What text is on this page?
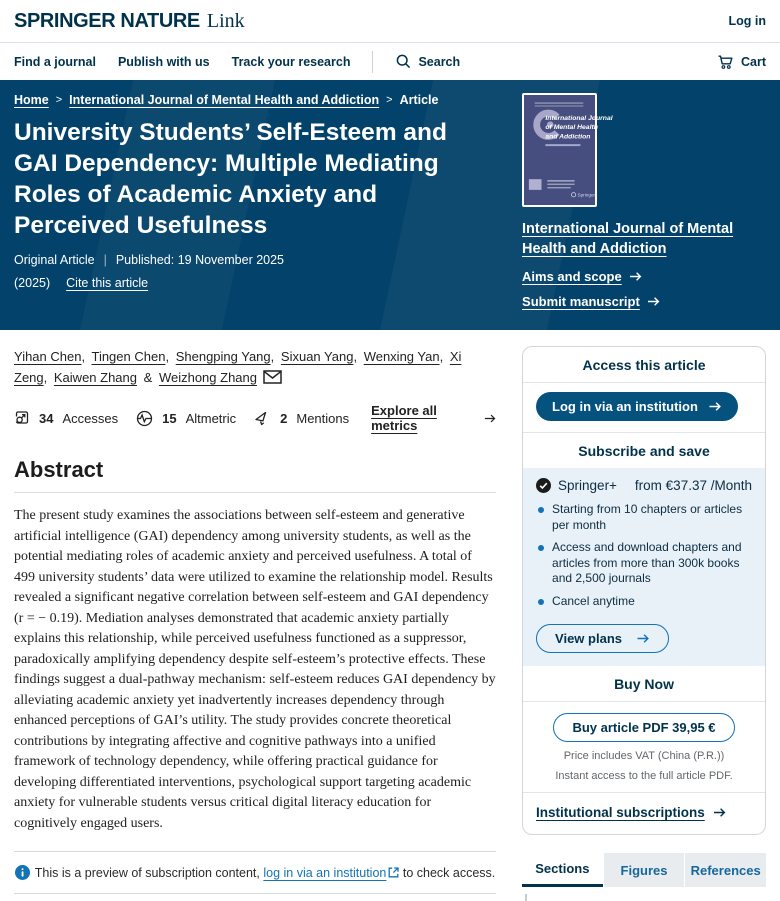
SPRINGER NATURE Link	Log in
Find a journal Publish with us Track your research	Search	Cart
Home > International Journal of Mental Health and Addiction > Article
University Students’ Self-Esteem and GAI Dependency: Multiple Mediating Roles of Academic Anxiety and Perceived Usefulness
Original Article | Published: 19 November 2025
(2025) Cite this article
International Journal
of Mental Health
and Addiction
Springer
International Journal of Mental Health and Addiction
Aims and scope
Submit manuscript

Yihan Chen, Tingen Chen, Shengping Yang, Sixuan Yang, Wenxing Yan, Xi Zeng, Kaiwen Zhang & Weizhong Zhang

34 Accesses	15 Altmetric	2 Mentions Explore all metrics
Abstract

The present study examines the associations between self-esteem and generative artificial intelligence (GAI) dependency among university students, as well as the potential mediating roles of academic anxiety and perceived usefulness. A total of 499 university students’ data were utilized to examine the relationship model. Results revealed a significant negative correlation between self-esteem and GAI dependency (r = − 0.19). Mediation analyses demonstrated that academic anxiety partially explains this relationship, while perceived usefulness functioned as a suppressor, paradoxically amplifying dependency despite self-esteem’s protective effects. These findings suggest a dual-pathway mechanism: self-esteem reduces GAI dependency by alleviating academic anxiety yet inadvertently increases dependency through enhanced perceptions of GAI’s utility. The study provides concrete theoretical contributions by integrating affective and cognitive pathways into a unified framework of technology dependency, while offering practical guidance for developing differentiated interventions, psychological support targeting academic anxiety for vulnerable students versus critical digital literacy education for cognitively engaged users.

This is a preview of subscription content, log in via an institution to check access.
Access this article
Log in via an institution
Subscribe and save
Springer+ from €37.37 /Month
Starting from 10 chapters or articles per month
Access and download chapters and articles from more than 300k books and 2,500 journals
Cancel anytime
View plans
Buy Now
Buy article PDF 39,95 €
Price includes VAT (China (P.R.))
Instant access to the full article PDF.
Institutional subscriptions
Sections	Figures	References
